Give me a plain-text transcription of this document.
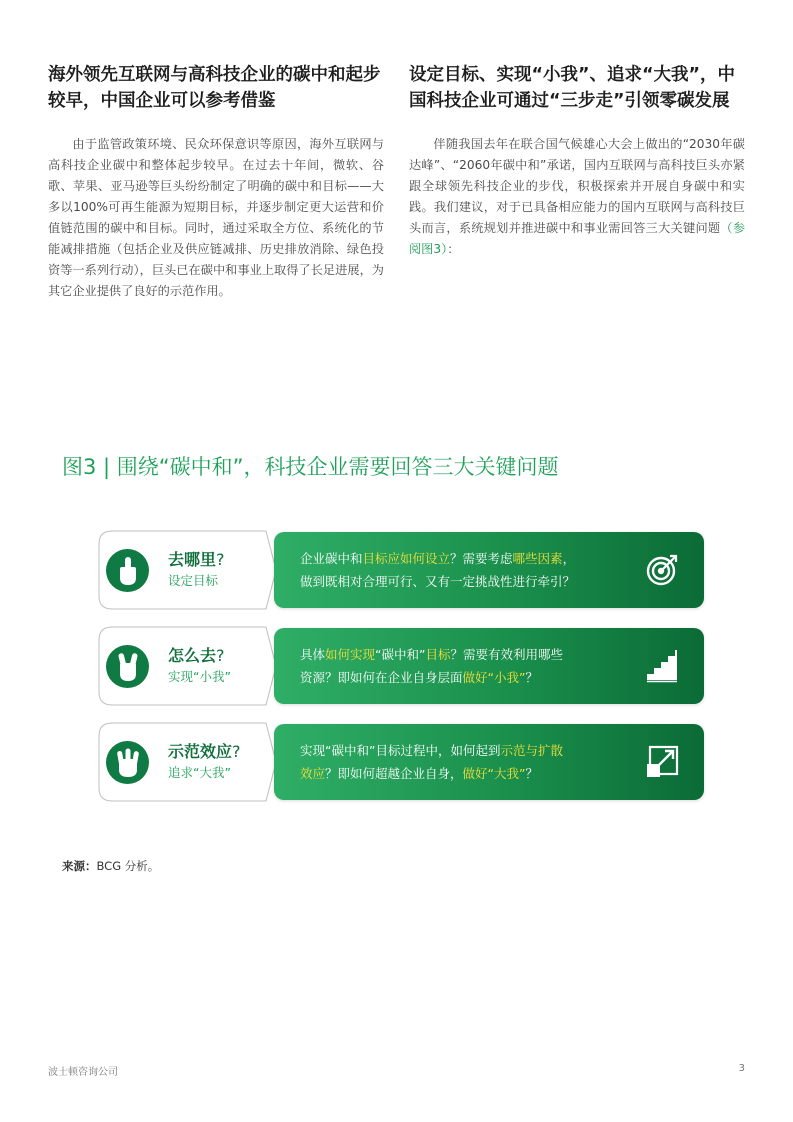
海外领先互联网与高科技企业的碳中和起步较早，中国企业可以参考借鉴

由于监管政策环境、民众环保意识等原因，海外互联网与高科技企业碳中和整体起步较早。在过去十年间，微软、谷歌、苹果、亚马逊等巨头纷纷制定了明确的碳中和目标——大多以100%可再生能源为短期目标，并逐步制定更大运营和价值链范围的碳中和目标。同时，通过采取全方位、系统化的节能减排措施（包括企业及供应链减排、历史排放消除、绿色投资等一系列行动），巨头已在碳中和事业上取得了长足进展，为其它企业提供了良好的示范作用。

设定目标、实现“小我”、追求“大我”，中国科技企业可通过“三步走”引领零碳发展

伴随我国去年在联合国气候雄心大会上做出的“2030年碳达峰”、“2060年碳中和”承诺，国内互联网与高科技巨头亦紧跟全球领先科技企业的步伐，积极探索并开展自身碳中和实践。我们建议，对于已具备相应能力的国内互联网与高科技巨头而言，系统规划并推进碳中和事业需回答三大关键问题（参阅图3）：

图3 | 围绕“碳中和”，科技企业需要回答三大关键问题
去哪里?
设定目标
企业碳中和目标应如何设立？需要考虑哪些因素，
做到既相对合理可行、又有一定挑战性进行牵引？
怎么去?
实现“小我”
具体如何实现“碳中和”目标？需要有效利用哪些
资源？即如何在企业自身层面做好“小我”？
示范效应?
追求“大我”
实现“碳中和”目标过程中，如何起到示范与扩散
效应？即如何超越企业自身，做好“大我”？
来源：BCG 分析。
波士顿咨询公司	3
